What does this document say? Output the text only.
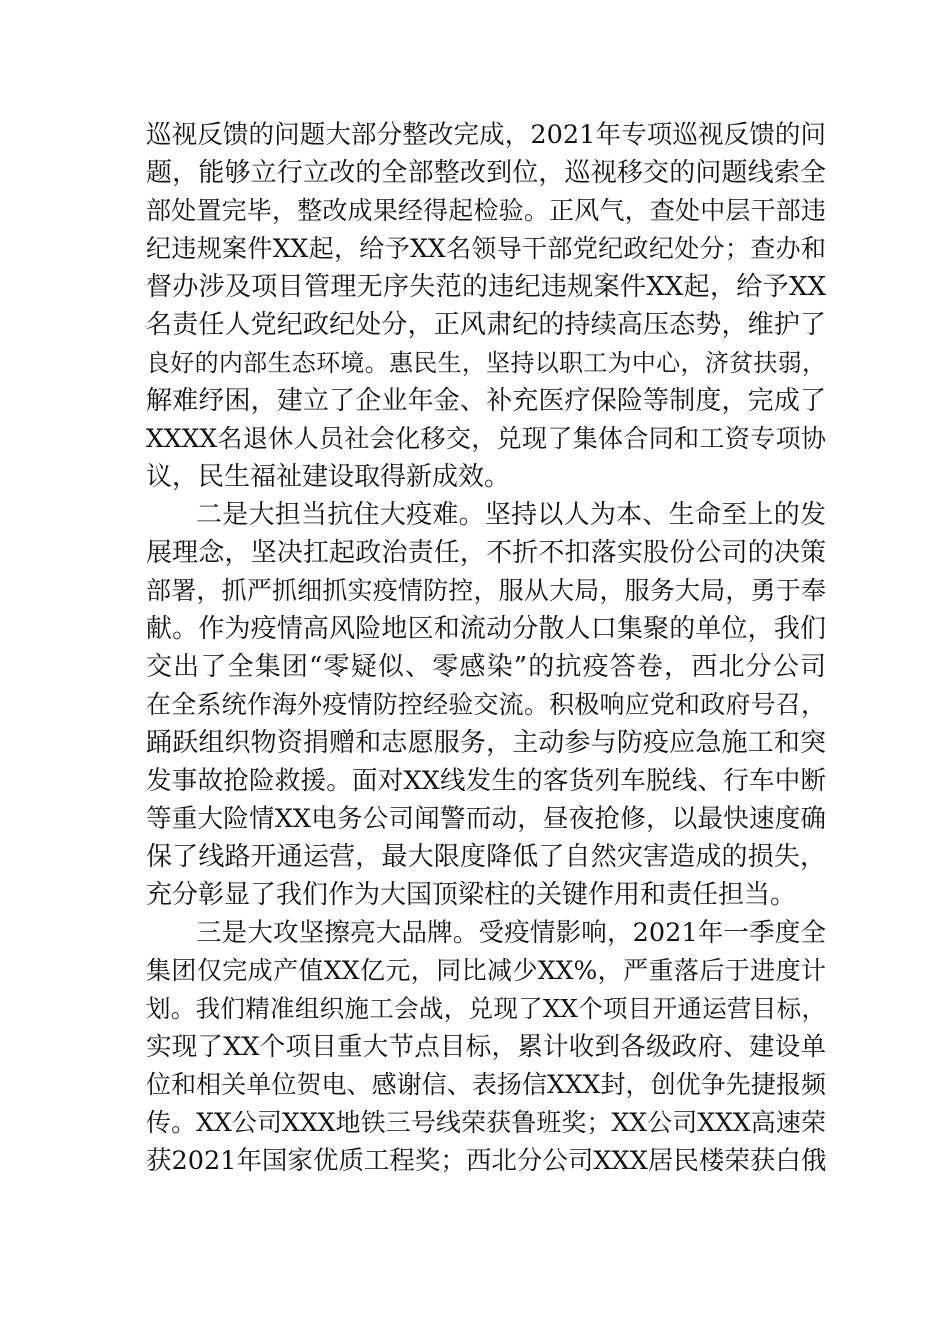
巡视反馈的问题大部分整改完成，2021年专项巡视反馈的问
题，能够立行立改的全部整改到位，巡视移交的问题线索全
部处置完毕，整改成果经得起检验。正风气，查处中层干部违
纪违规案件XX起，给予XX名领导干部党纪政纪处分；查办和
督办涉及项目管理无序失范的违纪违规案件XX起，给予XX
名责任人党纪政纪处分，正风肃纪的持续高压态势，维护了
良好的内部生态环境。惠民生，坚持以职工为中心，济贫扶弱，
解难纾困，建立了企业年金、补充医疗保险等制度，完成了
XXXX名退休人员社会化移交，兑现了集体合同和工资专项协
议，民生福祉建设取得新成效。
二是大担当抗住大疫难。坚持以人为本、生命至上的发
展理念，坚决扛起政治责任，不折不扣落实股份公司的决策
部署，抓严抓细抓实疫情防控，服从大局，服务大局，勇于奉
献。作为疫情高风险地区和流动分散人口集聚的单位，我们
交出了全集团“零疑似、零感染”的抗疫答卷，西北分公司
在全系统作海外疫情防控经验交流。积极响应党和政府号召，
踊跃组织物资捐赠和志愿服务，主动参与防疫应急施工和突
发事故抢险救援。面对XX线发生的客货列车脱线、行车中断
等重大险情XX电务公司闻警而动，昼夜抢修，以最快速度确
保了线路开通运营，最大限度降低了自然灾害造成的损失，
充分彰显了我们作为大国顶梁柱的关键作用和责任担当。
三是大攻坚擦亮大品牌。受疫情影响，2021年一季度全
集团仅完成产值XX亿元，同比减少XX%，严重落后于进度计
划。我们精准组织施工会战，兑现了XX个项目开通运营目标，
实现了XX个项目重大节点目标，累计收到各级政府、建设单
位和相关单位贺电、感谢信、表扬信XXX封，创优争先捷报频
传。XX公司XXX地铁三号线荣获鲁班奖；XX公司XXX高速荣
获2021年国家优质工程奖；西北分公司XXX居民楼荣获白俄
